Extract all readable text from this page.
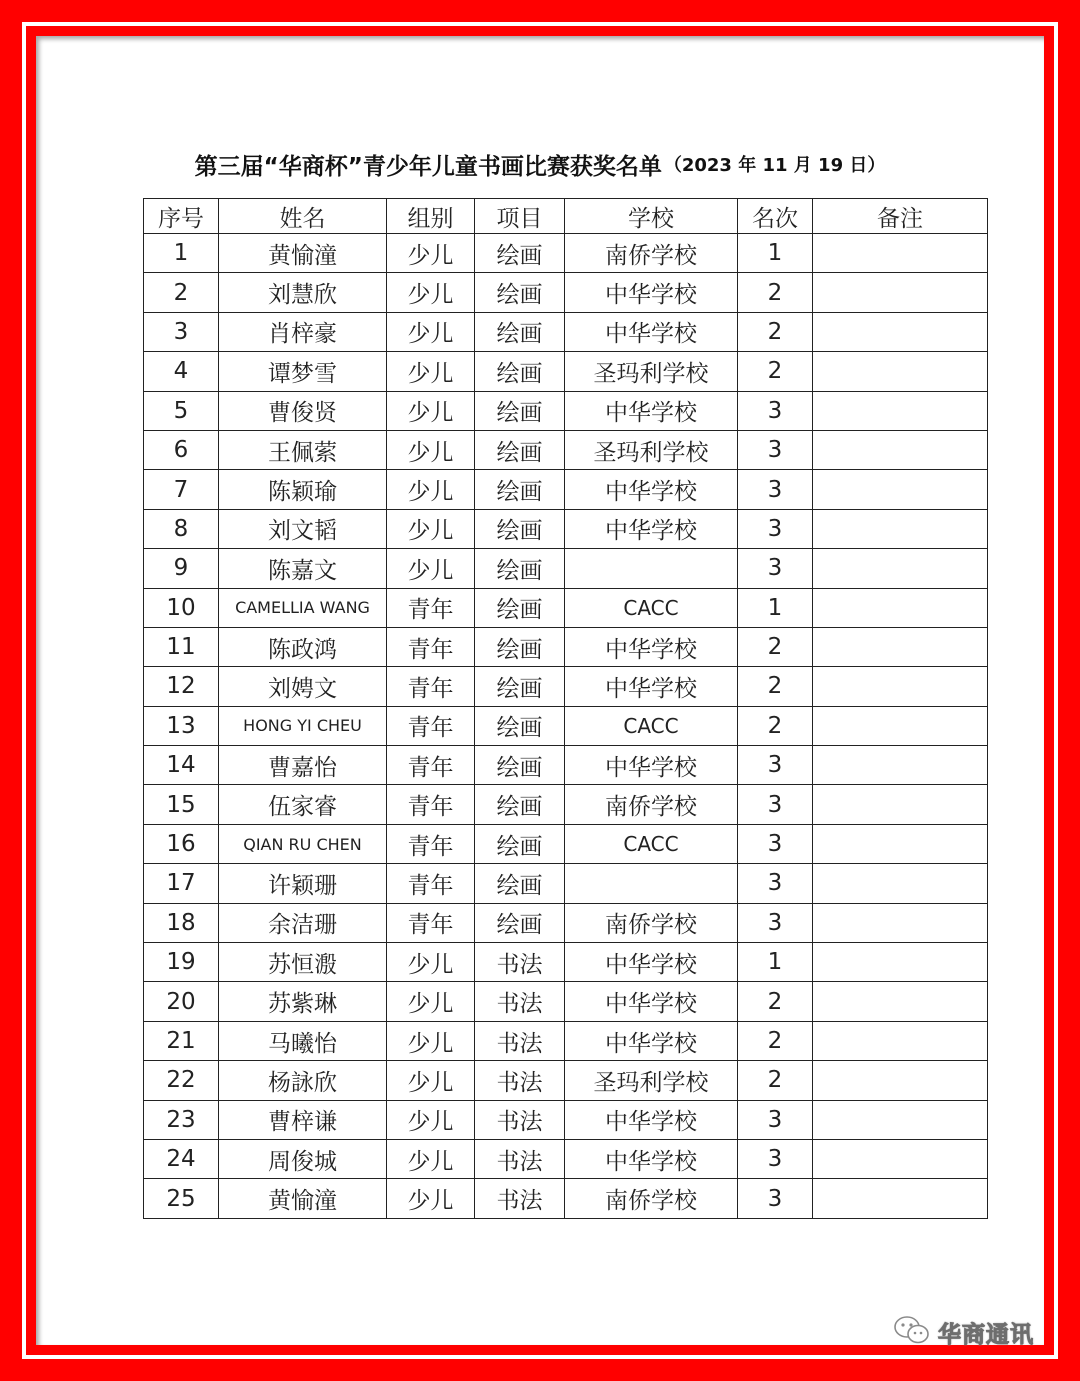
第三届“华商杯”青少年儿童书画比赛获奖名单 （2023 年 11 月 19 日）
序号	姓名	组别	项目	学校	名次	备注
1	黄愉潼	少儿	绘画	南侨学校	1	
2	刘慧欣	少儿	绘画	中华学校	2	
3	肖梓豪	少儿	绘画	中华学校	2	
4	谭梦雪	少儿	绘画	圣玛利学校	2	
5	曹俊贤	少儿	绘画	中华学校	3	
6	王佩萦	少儿	绘画	圣玛利学校	3	
7	陈颖瑜	少儿	绘画	中华学校	3	
8	刘文韬	少儿	绘画	中华学校	3	
9	陈嘉文	少儿	绘画		3	
10	CAMELLIA WANG	青年	绘画	CACC	1	
11	陈政鸿	青年	绘画	中华学校	2	
12	刘娉文	青年	绘画	中华学校	2	
13	HONG YI CHEU	青年	绘画	CACC	2	
14	曹嘉怡	青年	绘画	中华学校	3	
15	伍家睿	青年	绘画	南侨学校	3	
16	QIAN RU CHEN	青年	绘画	CACC	3	
17	许颖珊	青年	绘画		3	
18	余洁珊	青年	绘画	南侨学校	3	
19	苏恒溵	少儿	书法	中华学校	1	
20	苏紫琳	少儿	书法	中华学校	2	
21	马曦怡	少儿	书法	中华学校	2	
22	杨詠欣	少儿	书法	圣玛利学校	2	
23	曹梓谦	少儿	书法	中华学校	3	
24	周俊城	少儿	书法	中华学校	3	
25	黄愉潼	少儿	书法	南侨学校	3	
华商通讯
